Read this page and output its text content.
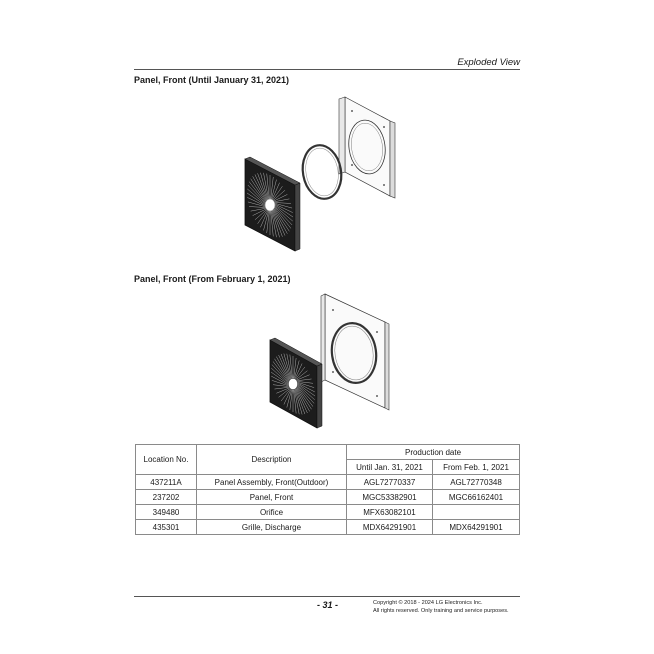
Exploded View
Panel, Front (Until January 31, 2021)
Panel, Front (From February 1, 2021)
Location No.	Description	Production date	
		Until Jan. 31, 2021	From Feb. 1, 2021
437211A	Panel Assembly, Front(Outdoor)	AGL72770337	AGL72770348
237202	Panel, Front	MGC53382901	MGC66162401
349480	Orifice	MFX63082101	
435301	Grille, Discharge	MDX64291901	MDX64291901
- 31 -	Copyright © 2018 - 2024 LG Electronics Inc.
All rights reserved. Only training and service purposes.
